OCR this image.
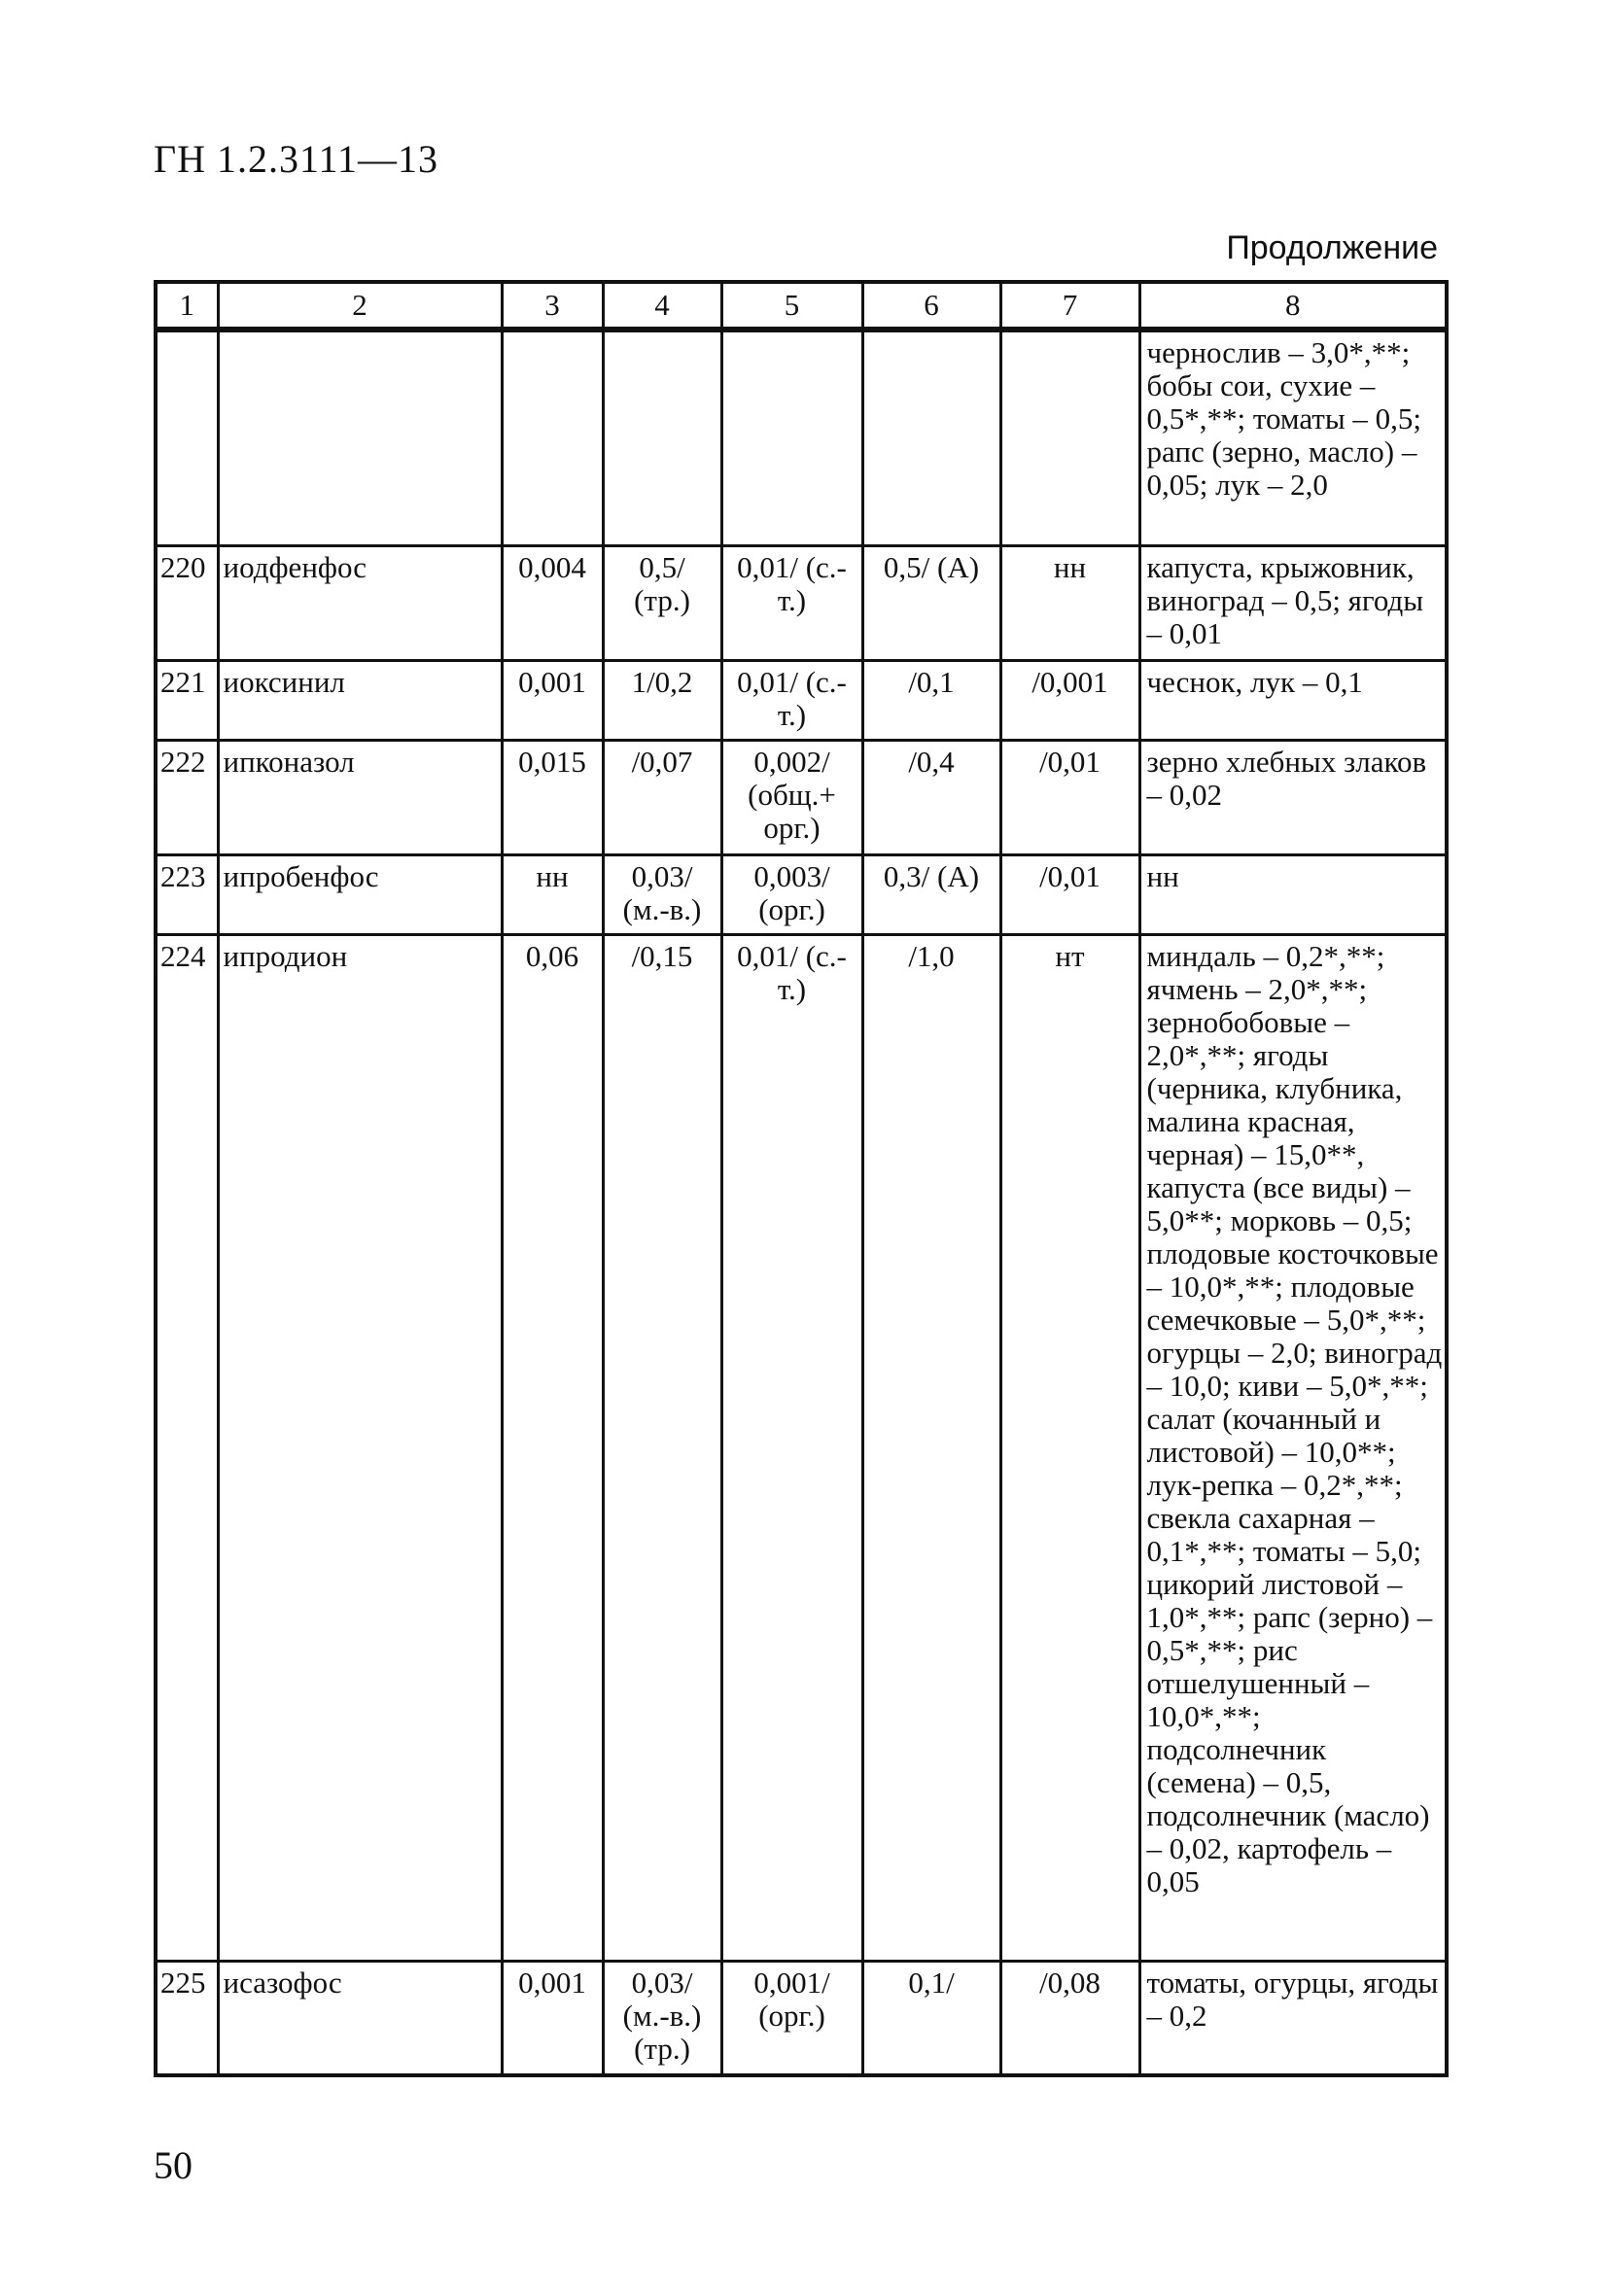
ГН 1.2.3111—13
Продолжение
1	2	3	4	5	6	7	8
							чернослив – 3,0*,**; бобы сои, сухие – 0,5*,**; томаты – 0,5; рапс (зерно, масло) – 0,05; лук – 2,0
220	иодфенфос	0,004	0,5/ (тр.)	0,01/ (с.-т.)	0,5/ (А)	нн	капуста, крыжовник, виноград – 0,5; ягоды – 0,01
221	иоксинил	0,001	1/0,2	0,01/ (с.-т.)	/0,1	/0,001	чеснок, лук – 0,1
222	ипконазол	0,015	/0,07	0,002/ (общ.+ орг.)	/0,4	/0,01	зерно хлебных злаков – 0,02
223	ипробенфос	нн	0,03/ (м.-в.)	0,003/ (орг.)	0,3/ (А)	/0,01	нн
224	ипродион	0,06	/0,15	0,01/ (с.-т.)	/1,0	нт	миндаль – 0,2*,**; ячмень – 2,0*,**; зернобобовые – 2,0*,**; ягоды (черника, клубника, малина красная, черная) – 15,0**, капуста (все виды) – 5,0**; морковь – 0,5; плодовые косточковые – 10,0*,**; плодовые семечковые – 5,0*,**; огурцы – 2,0; виноград – 10,0; киви – 5,0*,**; салат (кочанный и листовой) – 10,0**; лук-репка – 0,2*,**; свекла сахарная – 0,1*,**; томаты – 5,0; цикорий листовой – 1,0*,**; рапс (зерно) – 0,5*,**; рис отшелушенный – 10,0*,**; подсолнечник (семена) – 0,5, подсолнечник (масло) – 0,02, картофель – 0,05
225	исазофос	0,001	0,03/ (м.-в.) (тр.)	0,001/ (орг.)	0,1/	/0,08	томаты, огурцы, ягоды – 0,2
50
